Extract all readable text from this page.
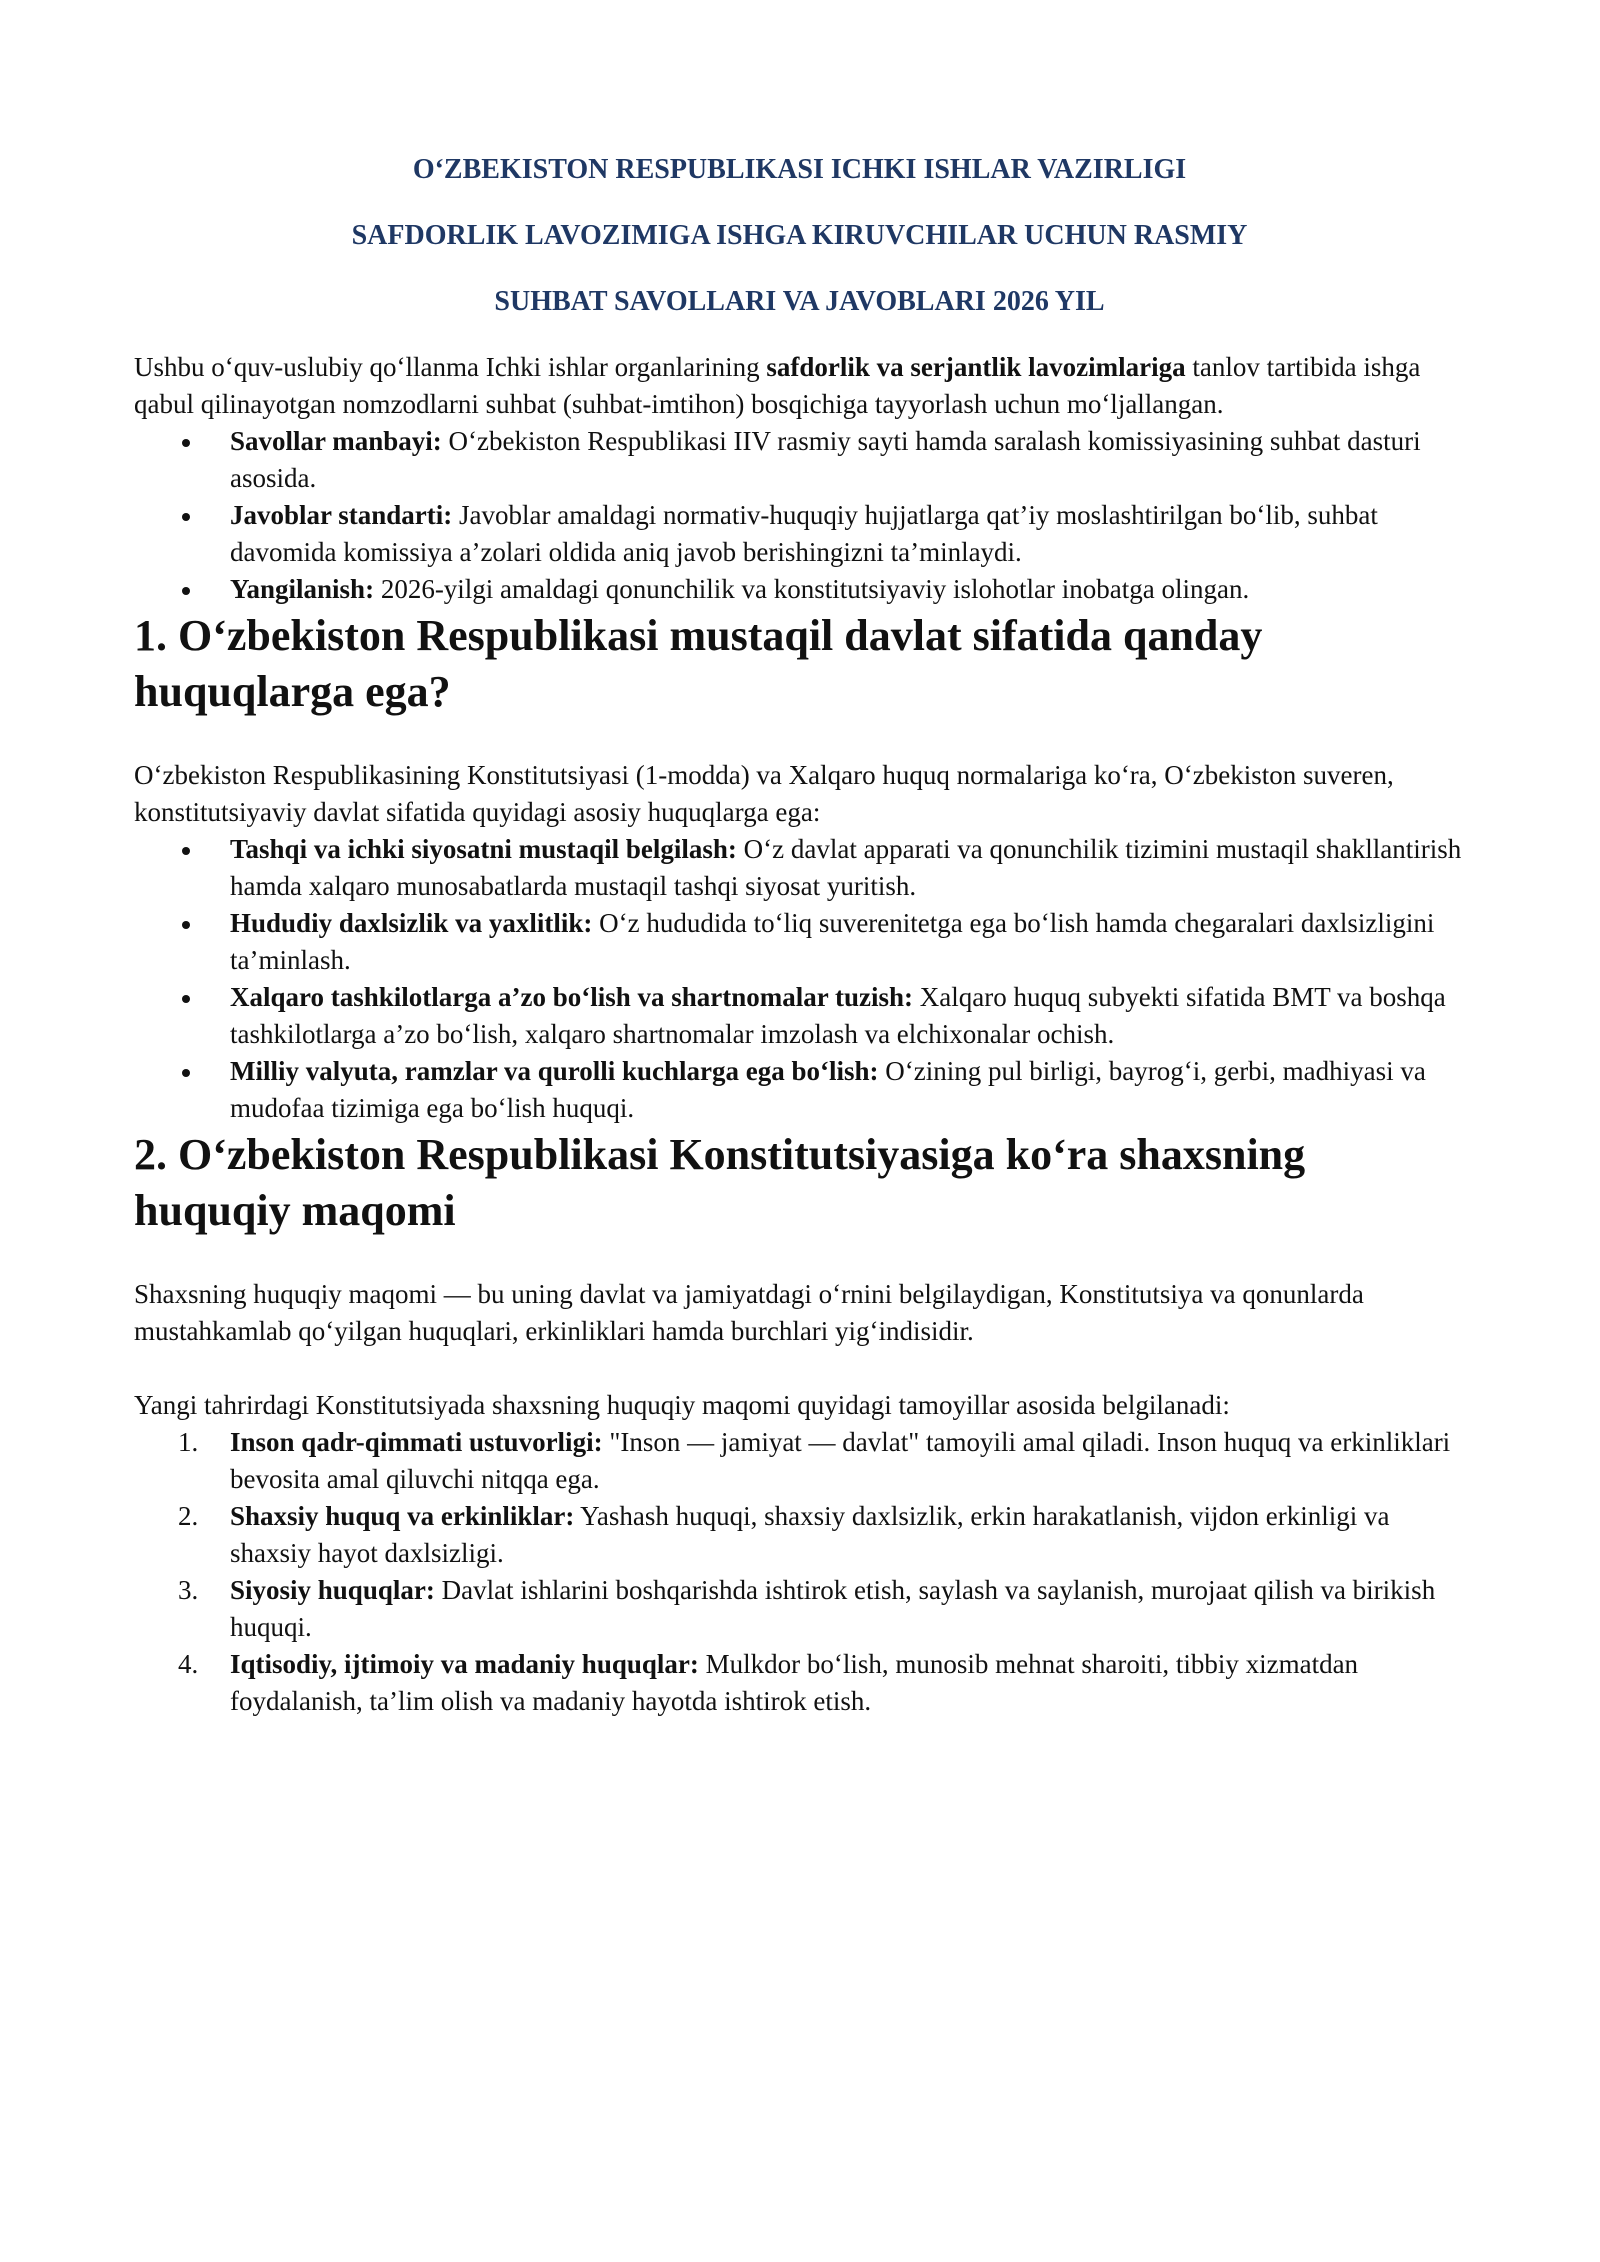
O‘ZBEKISTON RESPUBLIKASI ICHKI ISHLAR VAZIRLIGI

SAFDORLIK LAVOZIMIGA ISHGA KIRUVCHILAR UCHUN RASMIY

SUHBAT SAVOLLARI VA JAVOBLARI 2026 YIL

Ushbu o‘quv-uslubiy qo‘llanma Ichki ishlar organlarining safdorlik va serjantlik lavozimlariga tanlov tartibida ishga qabul qilinayotgan nomzodlarni suhbat (suhbat-imtihon) bosqichiga tayyorlash uchun mo‘ljallangan.

Savollar manbayi: O‘zbekiston Respublikasi IIV rasmiy sayti hamda saralash komissiyasining suhbat dasturi asosida.
Javoblar standarti: Javoblar amaldagi normativ-huquqiy hujjatlarga qat’iy moslashtirilgan bo‘lib, suhbat davomida komissiya a’zolari oldida aniq javob berishingizni ta’minlaydi.
Yangilanish: 2026-yilgi amaldagi qonunchilik va konstitutsiyaviy islohotlar inobatga olingan.
1. O‘zbekiston Respublikasi mustaqil davlat sifatida qanday huquqlarga ega?

O‘zbekiston Respublikasining Konstitutsiyasi (1-modda) va Xalqaro huquq normalariga ko‘ra, O‘zbekiston suveren, konstitutsiyaviy davlat sifatida quyidagi asosiy huquqlarga ega:

Tashqi va ichki siyosatni mustaqil belgilash: O‘z davlat apparati va qonunchilik tizimini mustaqil shakllantirish hamda xalqaro munosabatlarda mustaqil tashqi siyosat yuritish.
Hududiy daxlsizlik va yaxlitlik: O‘z hududida to‘liq suverenitetga ega bo‘lish hamda chegaralari daxlsizligini ta’minlash.
Xalqaro tashkilotlarga a’zo bo‘lish va shartnomalar tuzish: Xalqaro huquq subyekti sifatida BMT va boshqa tashkilotlarga a’zo bo‘lish, xalqaro shartnomalar imzolash va elchixonalar ochish.
Milliy valyuta, ramzlar va qurolli kuchlarga ega bo‘lish: O‘zining pul birligi, bayrog‘i, gerbi, madhiyasi va mudofaa tizimiga ega bo‘lish huquqi.
2. O‘zbekiston Respublikasi Konstitutsiyasiga ko‘ra shaxsning huquqiy maqomi

Shaxsning huquqiy maqomi — bu uning davlat va jamiyatdagi o‘rnini belgilaydigan, Konstitutsiya va qonunlarda mustahkamlab qo‘yilgan huquqlari, erkinliklari hamda burchlari yig‘indisidir.

Yangi tahrirdagi Konstitutsiyada shaxsning huquqiy maqomi quyidagi tamoyillar asosida belgilanadi:

1. Inson qadr-qimmati ustuvorligi: "Inson — jamiyat — davlat" tamoyili amal qiladi. Inson huquq va erkinliklari bevosita amal qiluvchi nitqqa ega.
2. Shaxsiy huquq va erkinliklar: Yashash huquqi, shaxsiy daxlsizlik, erkin harakatlanish, vijdon erkinligi va shaxsiy hayot daxlsizligi.
3. Siyosiy huquqlar: Davlat ishlarini boshqarishda ishtirok etish, saylash va saylanish, murojaat qilish va birikish huquqi.
4. Iqtisodiy, ijtimoiy va madaniy huquqlar: Mulkdor bo‘lish, munosib mehnat sharoiti, tibbiy xizmatdan foydalanish, ta’lim olish va madaniy hayotda ishtirok etish.
